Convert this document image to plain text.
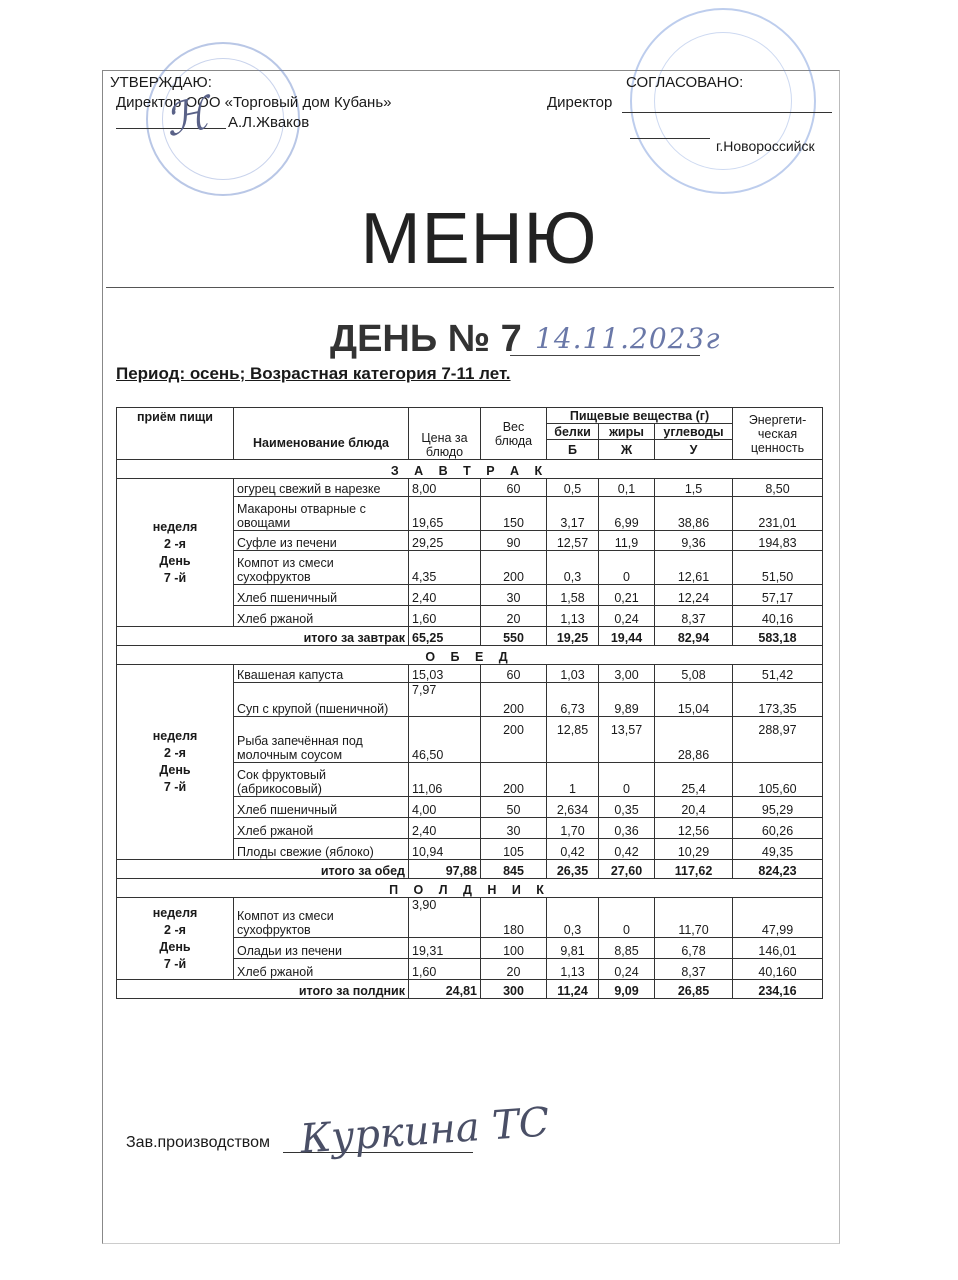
УТВЕРЖДАЮ:
Директор ООО «Торговый дом Кубань»
А.Л.Жваков
ℋ
СОГЛАСОВАНО:
Директор
г.Новороссийск
МЕНЮ
ДЕНЬ № 7 14.11.2023г
Период: осень; Возрастная категория 7-11 лет.
приём пищи	Наименование блюда	Цена за блюдо	Вес блюда	Пищевые вещества (г)			Энергети-ческая ценность
				белки	жиры	углеводы	
				Б	Ж	У	
З А В Т Р А К							

неделя
2 -я
День
7 -й	огурец свежий в нарезке	8,00	60	0,5	0,1	1,5	8,50
	Макароны отварные с овощами	19,65	150	3,17	6,99	38,86	231,01
	Суфле из печени	29,25	90	12,57	11,9	9,36	194,83
	Компот из смеси сухофруктов	4,35	200	0,3	0	12,61	51,50
	Хлеб пшеничный	2,40	30	1,58	0,21	12,24	57,17
	Хлеб ржаной	1,60	20	1,13	0,24	8,37	40,16
итого за завтрак		65,25	550	19,25	19,44	82,94	583,18
О Б Е Д							

неделя
2 -я
День
7 -й	Квашеная капуста	15,03	60	1,03	3,00	5,08	51,42
	Суп с крупой (пшеничной)	7,97	200	6,73	9,89	15,04	173,35
	Рыба запечённая под молочным соусом	46,50	200	12,85	13,57	28,86	288,97
	Сок фруктовый (абрикосовый)	11,06	200	1	0	25,4	105,60
	Хлеб пшеничный	4,00	50	2,634	0,35	20,4	95,29
	Хлеб ржаной	2,40	30	1,70	0,36	12,56	60,26
	Плоды свежие (яблоко)	10,94	105	0,42	0,42	10,29	49,35
итого за обед		97,88	845	26,35	27,60	117,62	824,23
П О Л Д Н И К							

неделя
2 -я
День
7 -й	Компот из смеси сухофруктов	3,90	180	0,3	0	11,70	47,99
	Оладьи из печени	19,31	100	9,81	8,85	6,78	146,01
	Хлеб ржаной	1,60	20	1,13	0,24	8,37	40,160
итого за полдник		24,81	300	11,24	9,09	26,85	234,16
Зав.производством Куркина ТС
